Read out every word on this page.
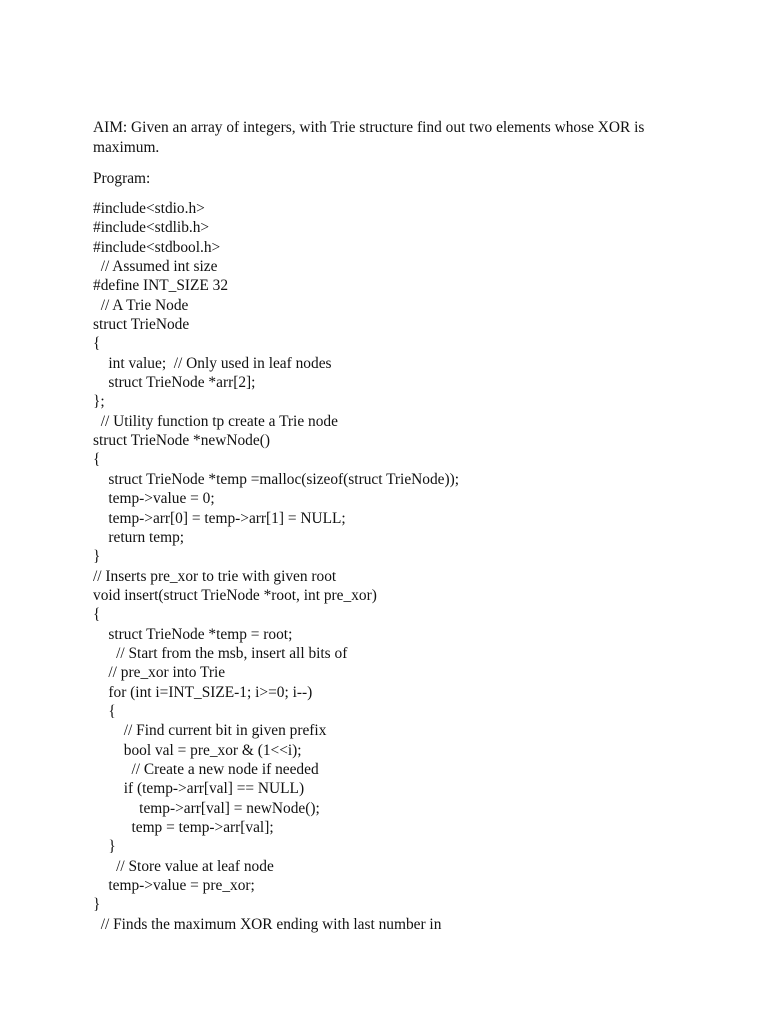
AIM: Given an array of integers, with Trie structure find out two elements whose XOR is maximum.

Program:

#include<stdio.h>
#include<stdlib.h>
#include<stdbool.h>
// Assumed int size
#define INT_SIZE 32
// A Trie Node
struct TrieNode
{
int value;  // Only used in leaf nodes
struct TrieNode *arr[2];
};
// Utility function tp create a Trie node
struct TrieNode *newNode()
{
struct TrieNode *temp =malloc(sizeof(struct TrieNode));
temp->value = 0;
temp->arr[0] = temp->arr[1] = NULL;
return temp;
}
// Inserts pre_xor to trie with given root
void insert(struct TrieNode *root, int pre_xor)
{
struct TrieNode *temp = root;
// Start from the msb, insert all bits of
// pre_xor into Trie
for (int i=INT_SIZE-1; i>=0; i--)
{
// Find current bit in given prefix
bool val = pre_xor & (1<<i);
// Create a new node if needed
if (temp->arr[val] == NULL)
temp->arr[val] = newNode();
temp = temp->arr[val];
}
// Store value at leaf node
temp->value = pre_xor;
}
// Finds the maximum XOR ending with last number in
